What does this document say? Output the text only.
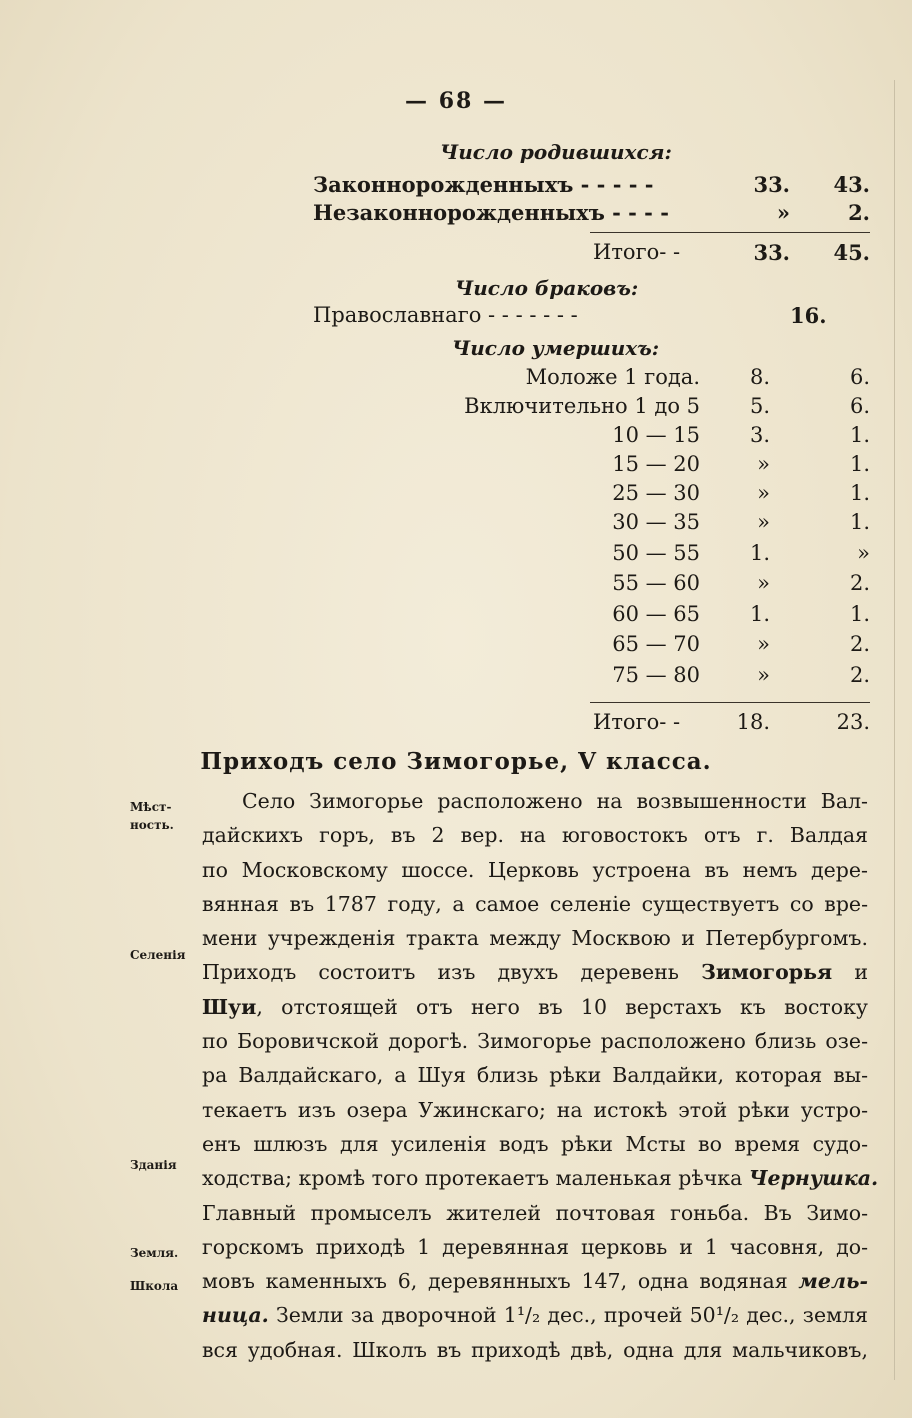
— 68 —
Число родившихся:
Законнорожденныхъ - - - - -	33.	43.
Незаконнорожденныхъ - - - -	»	2.
Итого- -	33.	45.
Число браковъ:
Православнаго - - - - - - -	16.
Число умершихъ:
Моложе 1 года.	8.	6.
Включительно 1 до 5	5.	6.
10 — 15	3.	1.
15 — 20	»	1.
25 — 30	»	1.
30 — 35	»	1.
50 — 55	1.	»
55 — 60	»	2.
60 — 65	1.	1.
65 — 70	»	2.
75 — 80	»	2.
Итого- -	18.	23.
Приходъ село Зимогорье, V класса.
Мѣст-
ность.
Селенія
Зданія
Земля.
Школа
Село Зимогорье расположено на возвышенности Вал-
дайскихъ горъ, въ 2 вер. на юговостокъ отъ г. Валдая
по Московскому шоссе. Церковь устроена въ немъ дере-
вянная въ 1787 году, а самое селеніе существуетъ со вре-
мени учрежденія тракта между Москвою и Петербургомъ.
Приходъ состоитъ изъ двухъ деревень Зимогорья и
Шуи, отстоящей отъ него въ 10 верстахъ къ востоку
по Боровичской дорогѣ. Зимогорье расположено близь озе-
ра Валдайскаго, а Шуя близь рѣки Валдайки, которая вы-
текаетъ изъ озера Ужинскаго; на истокѣ этой рѣки устро-
енъ шлюзъ для усиленія водъ рѣки Мсты во время судо-
ходства; кромѣ того протекаетъ маленькая рѣчка Чернушка.
Главный промыселъ жителей почтовая гоньба. Въ Зимо-
горскомъ приходѣ 1 деревянная церковь и 1 часовня, до-
мовъ каменныхъ 6, деревянныхъ 147, одна водяная мель-
ница. Земли за дворочной 1¹/₂ дес., прочей 50¹/₂ дес., земля
вся удобная. Школъ въ приходѣ двѣ, одна для мальчиковъ,
